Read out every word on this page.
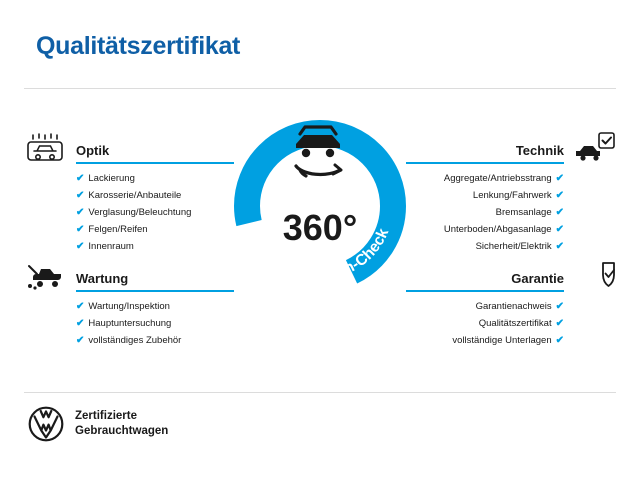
Qualitätszertifikat
Optik
✔ Lackierung
✔ Karosserie/Anbauteile
✔ Verglasung/Beleuchtung
✔ Felgen/Reifen
✔ Innenraum
Wartung
✔ Wartung/Inspektion
✔ Hauptuntersuchung
✔ vollständiges Zubehör
Technik
Aggregate/Antriebsstrang ✔
Lenkung/Fahrwerk ✔
Bremsanlage ✔
Unterboden/Abgasanlage ✔
Sicherheit/Elektrik ✔
Garantie
Garantienachweis ✔
Qualitätszertifikat ✔
vollständige Unterlagen ✔
360°
Gebrauchtwagen-Check
Zertifizierte
Gebrauchtwagen
